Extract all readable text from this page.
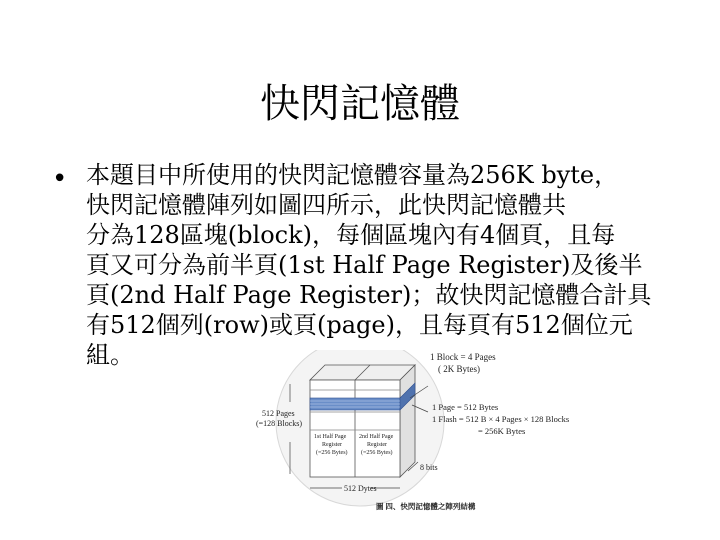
快閃記憶體
• 本題目中所使用的快閃記憶體容量為256K byte，
快閃記憶體陣列如圖四所示，此快閃記憶體共
分為128區塊(block)，每個區塊內有4個頁，且每
頁又可分為前半頁(1st Half Page Register)及後半
頁(2nd Half Page Register)；故快閃記憶體合計具
有512個列(row)或頁(page)，且每頁有512個位元
組。	1 Block = 4 Pages
( 2K Bytes)
512 Pages
(=128 Blocks)
1st Half Page
Register
(=256 Bytes)
2nd Half Page
Register
(=256 Bytes)
1 Page = 512 Bytes
1 Flash = 512 B × 4 Pages × 128 Blocks
= 256K Bytes
8 bits
512 Dytes
圖 四、快閃記憶體之陣列結構
